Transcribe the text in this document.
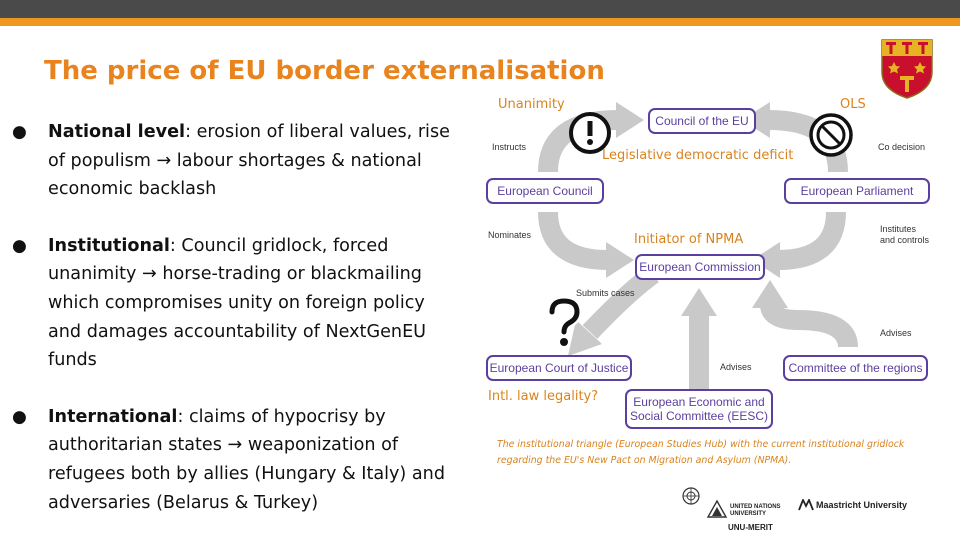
The price of EU border externalisation
● National level: erosion of liberal values, rise of populism → labour shortages & national economic backlash
● Institutional: Council gridlock, forced unanimity → horse-trading or blackmailing which compromises unity on foreign policy and damages accountability of NextGenEU funds
● International: claims of hypocrisy by authoritarian states → weaponization of refugees both by allies (Hungary & Italy) and adversaries (Belarus & Turkey)
Council of the EU
European Council	European Parliament
European Commission
European Court of Justice	Committee of the regions
European Economic and
Social Committee (EESC)
Instructs	Co decision
Nominates
Institutes
and controls
Submits cases
Advises
Advises
Unanimity	OLS
Legislative democratic deficit
Initiator of NPMA
Intl. law legality?
The institutional triangle (European Studies Hub) with the current institutional gridlock
regarding the EU's New Pact on Migration and Asylum (NPMA).
UNITED NATIONS
UNIVERSITY
Maastricht University
UNU-MERIT
